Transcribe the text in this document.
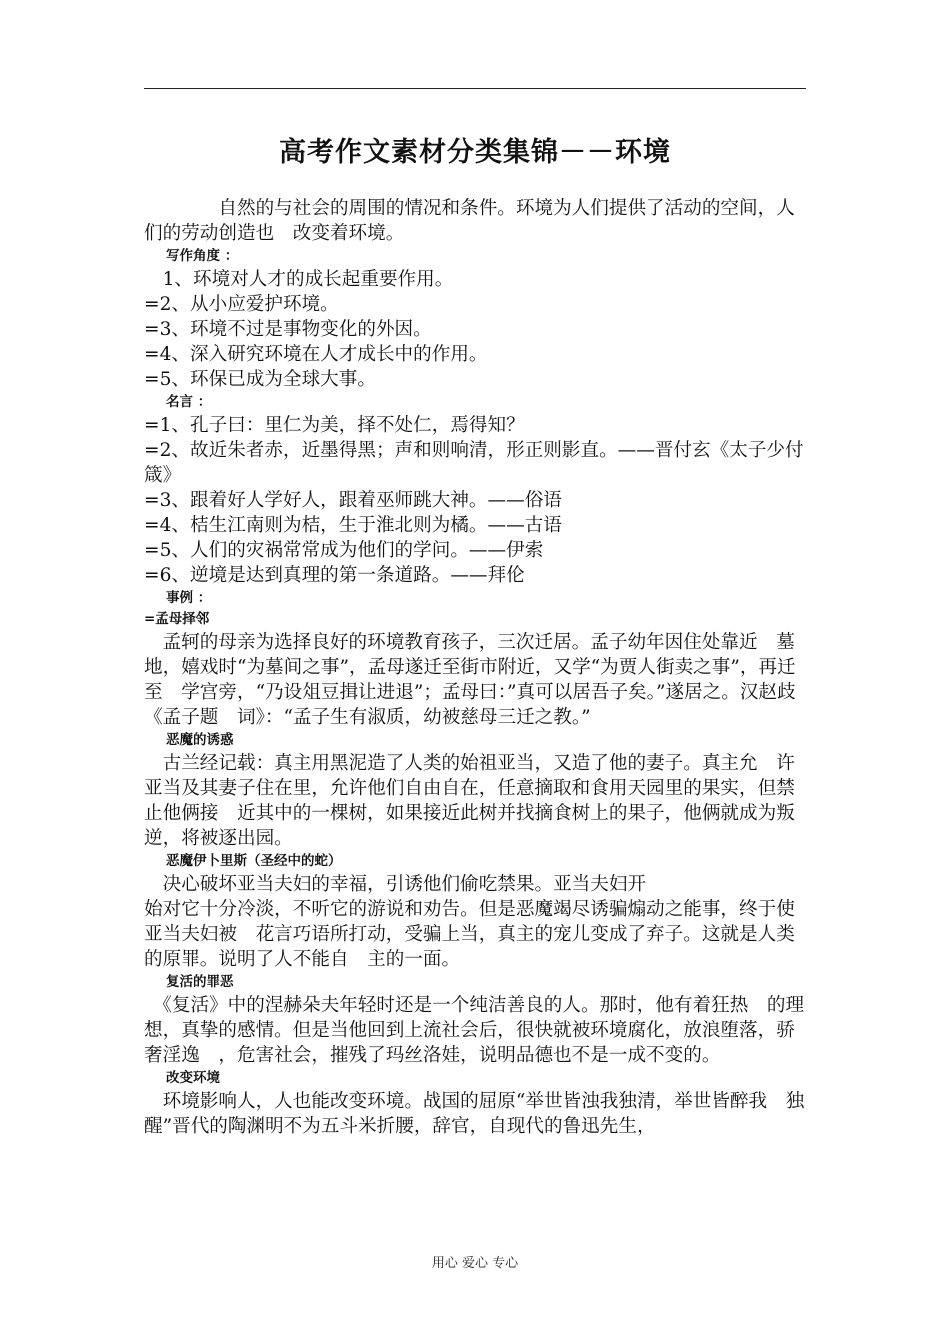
高考作文素材分类集锦－－环境

　　　　自然的与社会的周围的情况和条件。环境为人们提供了活动的空间，人们的劳动创造也　改变着环境。

写作角度 ：

　1、环境对人才的成长起重要作用。

=2、从小应爱护环境。

=3、环境不过是事物变化的外因。

=4、深入研究环境在人才成长中的作用。

=5、环保已成为全球大事。

名言 ：

=1、孔子曰：里仁为美，择不处仁，焉得知？

=2、故近朱者赤，近墨得黑；声和则响清，形正则影直。——晋付玄《太子少付　箴》

=3、跟着好人学好人，跟着巫师跳大神。——俗语

=4、桔生江南则为桔，生于淮北则为橘。——古语

=5、人们的灾祸常常成为他们的学问。——伊索

=6、逆境是达到真理的第一条道路。——拜伦

事例 ：

=孟母择邻

　孟轲的母亲为选择良好的环境教育孩子，三次迁居。孟子幼年因住处靠近　墓地，嬉戏时“为墓间之事”，孟母遂迁至街市附近，又学“为贾人街卖之事”，再迁至　学宫旁，“乃设俎豆揖让进退”；孟母曰：”真可以居吾子矣。”遂居之。汉赵歧《孟子题　词》：“孟子生有淑质，幼被慈母三迁之教。”

恶魔的诱惑

　古兰经记载：真主用黑泥造了人类的始祖亚当，又造了他的妻子。真主允　许亚当及其妻子住在里，允许他们自由自在，任意摘取和食用天园里的果实，但禁止他俩接　近其中的一棵树，如果接近此树并找摘食树上的果子，他俩就成为叛逆，将被逐出园。

恶魔伊卜里斯（圣经中的蛇）

　决心破坏亚当夫妇的幸福，引诱他们偷吃禁果。亚当夫妇开

始对它十分冷淡，不听它的游说和劝告。但是恶魔竭尽诱骗煽动之能事，终于使亚当夫妇被　花言巧语所打动，受骗上当，真主的宠儿变成了弃子。这就是人类的原罪。说明了人不能自　主的一面。

复活的罪恶

　《复活》中的涅赫朵夫年轻时还是一个纯洁善良的人。那时，他有着狂热　的理想，真挚的感情。但是当他回到上流社会后，很快就被环境腐化，放浪堕落，骄奢淫逸　，危害社会，摧残了玛丝洛娃，说明品德也不是一成不变的。

改变环境

　环境影响人，人也能改变环境。战国的屈原“举世皆浊我独清，举世皆醉我　独醒”晋代的陶渊明不为五斗米折腰，辞官，自现代的鲁迅先生，

用心 爱心 专心
